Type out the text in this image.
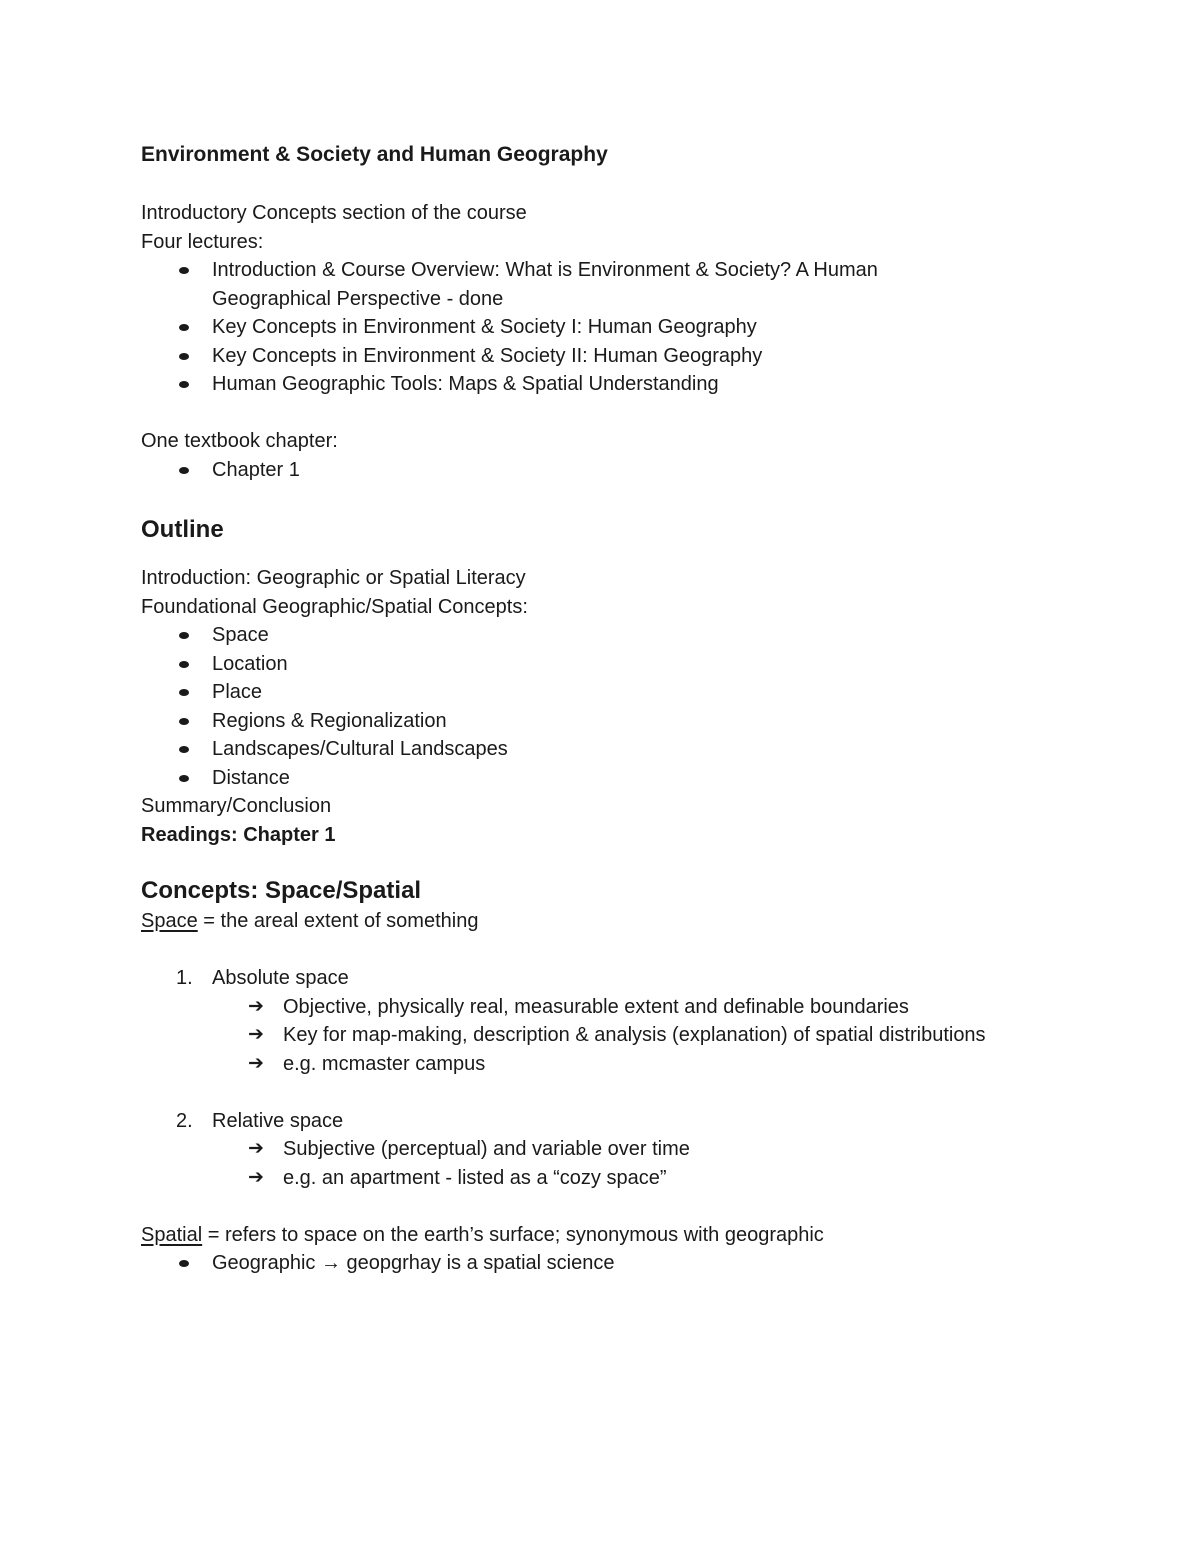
Environment & Society and Human Geography
Introductory Concepts section of the course
Four lectures:
Introduction & Course Overview: What is Environment & Society? A Human Geographical Perspective - done
Key Concepts in Environment & Society I: Human Geography
Key Concepts in Environment & Society II: Human Geography
Human Geographic Tools: Maps & Spatial Understanding
One textbook chapter:
Chapter 1
Outline
Introduction: Geographic or Spatial Literacy
Foundational Geographic/Spatial Concepts:
Space
Location
Place
Regions & Regionalization
Landscapes/Cultural Landscapes
Distance
Summary/Conclusion
Readings: Chapter 1
Concepts: Space/Spatial
Space = the areal extent of something
1. Absolute space
➔ Objective, physically real, measurable extent and definable boundaries
➔ Key for map-making, description & analysis (explanation) of spatial distributions
➔ e.g. mcmaster campus
2. Relative space
➔ Subjective (perceptual) and variable over time
➔ e.g. an apartment - listed as a “cozy space”
Spatial = refers to space on the earth’s surface; synonymous with geographic
Geographic → geopgrhay is a spatial science
